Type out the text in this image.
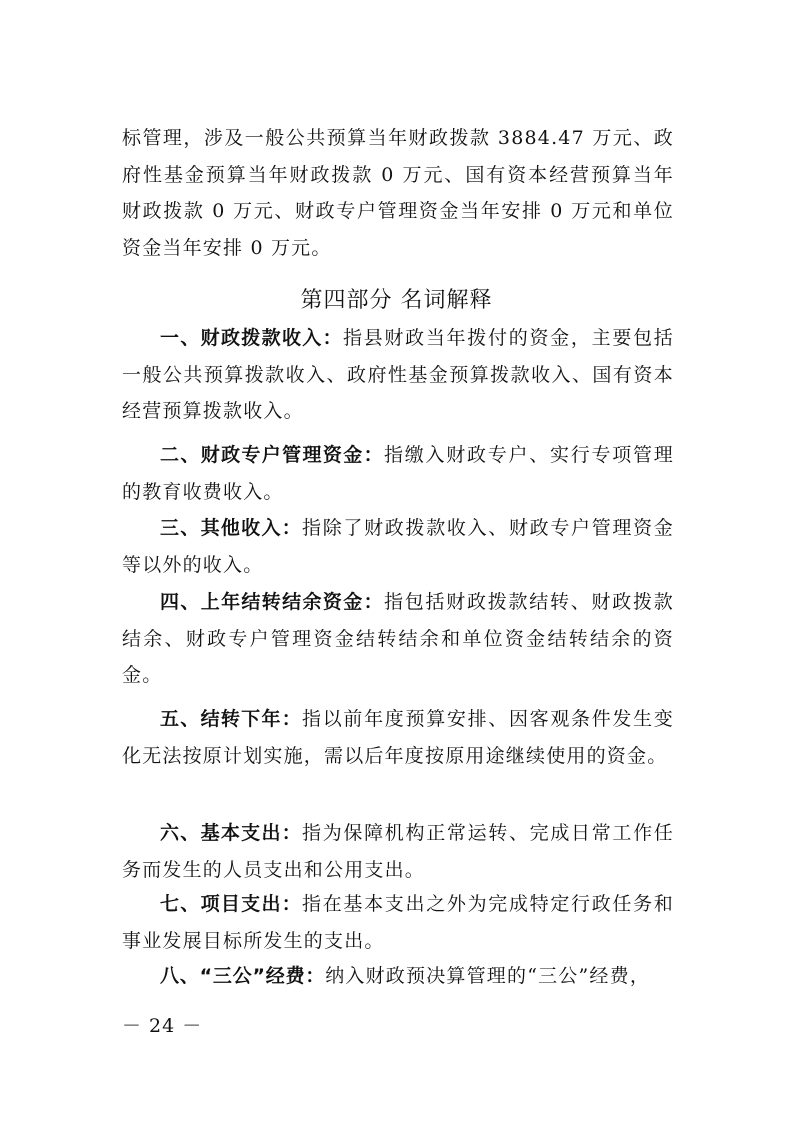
标管理，涉及一般公共预算当年财政拨款 3884.47 万元、政府性基金预算当年财政拨款 0 万元、国有资本经营预算当年财政拨款 0 万元、财政专户管理资金当年安排 0 万元和单位资金当年安排 0 万元。

第四部分 名词解释

一、财政拨款收入：指县财政当年拨付的资金，主要包括一般公共预算拨款收入、政府性基金预算拨款收入、国有资本经营预算拨款收入。

二、财政专户管理资金：指缴入财政专户、实行专项管理的教育收费收入。

三、其他收入：指除了财政拨款收入、财政专户管理资金等以外的收入。

四、上年结转结余资金：指包括财政拨款结转、财政拨款结余、财政专户管理资金结转结余和单位资金结转结余的资金。

五、结转下年：指以前年度预算安排、因客观条件发生变化无法按原计划实施，需以后年度按原用途继续使用的资金。

六、基本支出：指为保障机构正常运转、完成日常工作任务而发生的人员支出和公用支出。

七、项目支出：指在基本支出之外为完成特定行政任务和事业发展目标所发生的支出。

八、“三公”经费：纳入财政预决算管理的“三公”经费，

－ 24 －
